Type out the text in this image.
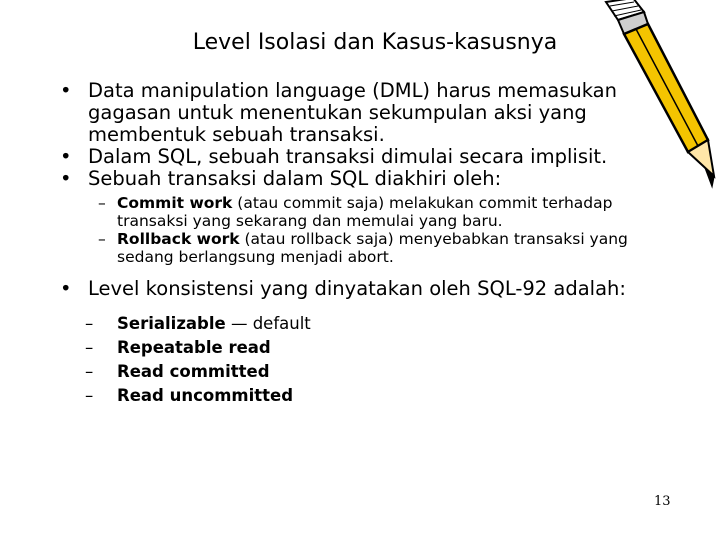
Level Isolasi dan Kasus-kasusnya

• Data manipulation language (DML) harus memasukan gagasan untuk menentukan sekumpulan aksi yang membentuk sebuah transaksi.

• Dalam SQL, sebuah transaksi dimulai secara implisit.

• Sebuah transaksi dalam SQL diakhiri oleh:

– Commit work (atau commit saja) melakukan commit terhadap transaksi yang sekarang dan memulai yang baru.

– Rollback work (atau rollback saja) menyebabkan transaksi yang sedang berlangsung menjadi abort.

• Level konsistensi yang dinyatakan oleh SQL-92 adalah:

– Serializable — default
– Repeatable read
– Read committed
– Read uncommitted
13
